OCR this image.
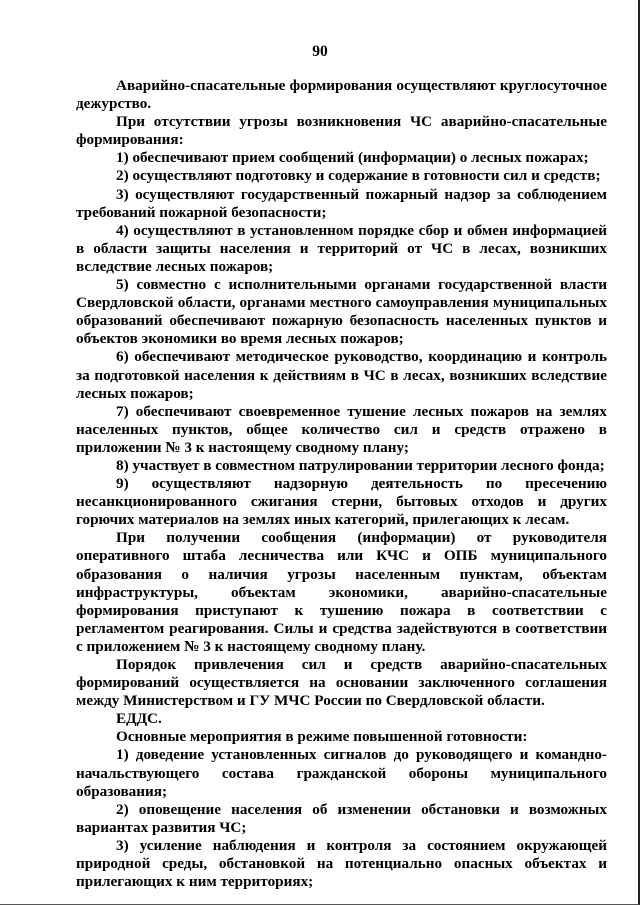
90

Аварийно-спасательные формирования осуществляют круглосуточное дежурство.

При отсутствии угрозы возникновения ЧС аварийно-спасательные формирования:

1) обеспечивают прием сообщений (информации) о лесных пожарах;

2) осуществляют подготовку и содержание в готовности сил и средств;

3) осуществляют государственный пожарный надзор за соблюдением требований пожарной безопасности;

4) осуществляют в установленном порядке сбор и обмен информацией в области защиты населения и территорий от ЧС в лесах, возникших вследствие лесных пожаров;

5) совместно с исполнительными органами государственной власти Свердловской области, органами местного самоуправления муниципальных образований обеспечивают пожарную безопасность населенных пунктов и объектов экономики во время лесных пожаров;

6) обеспечивают методическое руководство, координацию и контроль за подготовкой населения к действиям в ЧС в лесах, возникших вследствие лесных пожаров;

7) обеспечивают своевременное тушение лесных пожаров на землях населенных пунктов, общее количество сил и средств отражено в приложении № 3 к настоящему сводному плану;

8) участвует в совместном патрулировании территории лесного фонда;

9) осуществляют надзорную деятельность по пресечению несанкционированного сжигания стерни, бытовых отходов и других горючих материалов на землях иных категорий, прилегающих к лесам.

При получении сообщения (информации) от руководителя оперативного штаба лесничества или КЧС и ОПБ муниципального образования о наличия угрозы населенным пунктам, объектам инфраструктуры, объектам экономики, аварийно-спасательные формирования приступают к тушению пожара в соответствии с регламентом реагирования. Силы и средства задействуются в соответствии с приложением № 3 к настоящему сводному плану.

Порядок привлечения сил и средств аварийно-спасательных формирований осуществляется на основании заключенного соглашения между Министерством и ГУ МЧС России по Свердловской области.

ЕДДС.

Основные мероприятия в режиме повышенной готовности:

1) доведение установленных сигналов до руководящего и командно-начальствующего состава гражданской обороны муниципального образования;

2) оповещение населения об изменении обстановки и возможных вариантах развития ЧС;

3) усиление наблюдения и контроля за состоянием окружающей природной среды, обстановкой на потенциально опасных объектах и прилегающих к ним территориях;
